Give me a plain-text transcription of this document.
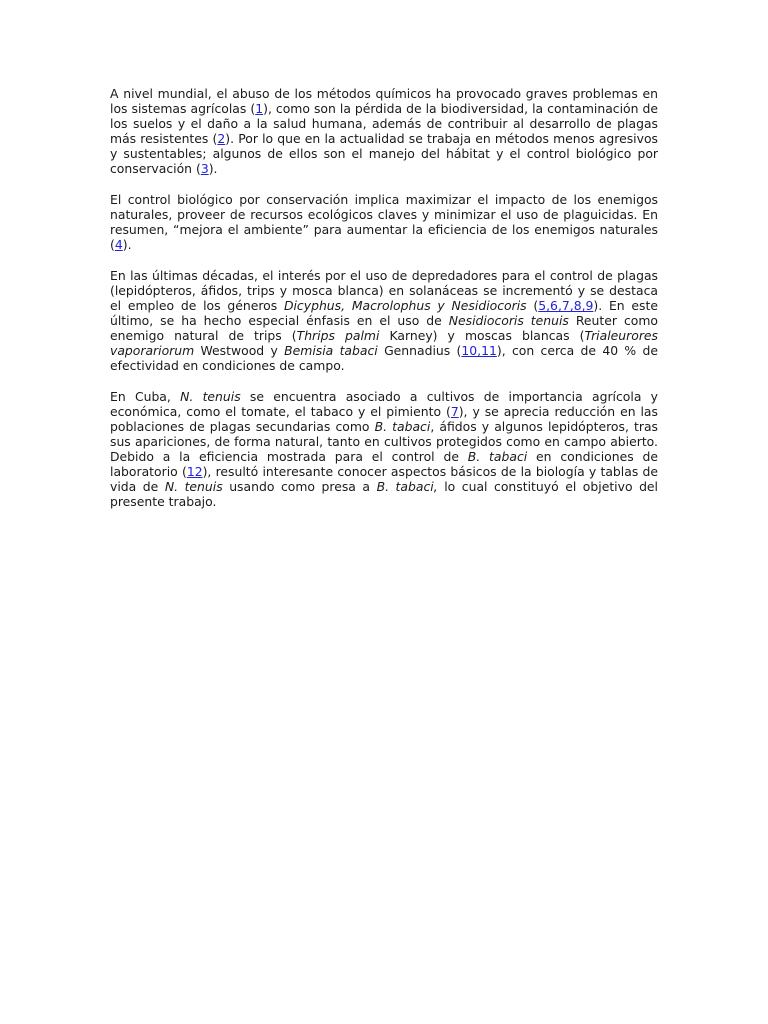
A nivel mundial, el abuso de los métodos químicos ha provocado graves problemas en los sistemas agrícolas (1), como son la pérdida de la biodiversidad, la contaminación de los suelos y el daño a la salud humana, además de contribuir al desarrollo de plagas más resistentes (2). Por lo que en la actualidad se trabaja en métodos menos agresivos y sustentables; algunos de ellos son el manejo del hábitat y el control biológico por conservación (3).

El control biológico por conservación implica maximizar el impacto de los enemigos naturales, proveer de recursos ecológicos claves y minimizar el uso de plaguicidas. En resumen, “mejora el ambiente” para aumentar la eficiencia de los enemigos naturales (4).

En las últimas décadas, el interés por el uso de depredadores para el control de plagas (lepidópteros, áfidos, trips y mosca blanca) en solanáceas se incrementó y se destaca el empleo de los géneros Dicyphus, Macrolophus y Nesidiocoris (5,6,7,8,9). En este último, se ha hecho especial énfasis en el uso de Nesidiocoris tenuis Reuter como enemigo natural de trips (Thrips palmi Karney) y moscas blancas (Trialeurores vaporariorum Westwood y Bemisia tabaci Gennadius (10,11), con cerca de 40 % de efectividad en condiciones de campo.

En Cuba, N. tenuis se encuentra asociado a cultivos de importancia agrícola y económica, como el tomate, el tabaco y el pimiento (7), y se aprecia reducción en las poblaciones de plagas secundarias como B. tabaci, áfidos y algunos lepidópteros, tras sus apariciones, de forma natural, tanto en cultivos protegidos como en campo abierto. Debido a la eficiencia mostrada para el control de B. tabaci en condiciones de laboratorio (12), resultó interesante conocer aspectos básicos de la biología y tablas de vida de N. tenuis usando como presa a B. tabaci, lo cual constituyó el objetivo del presente trabajo.
